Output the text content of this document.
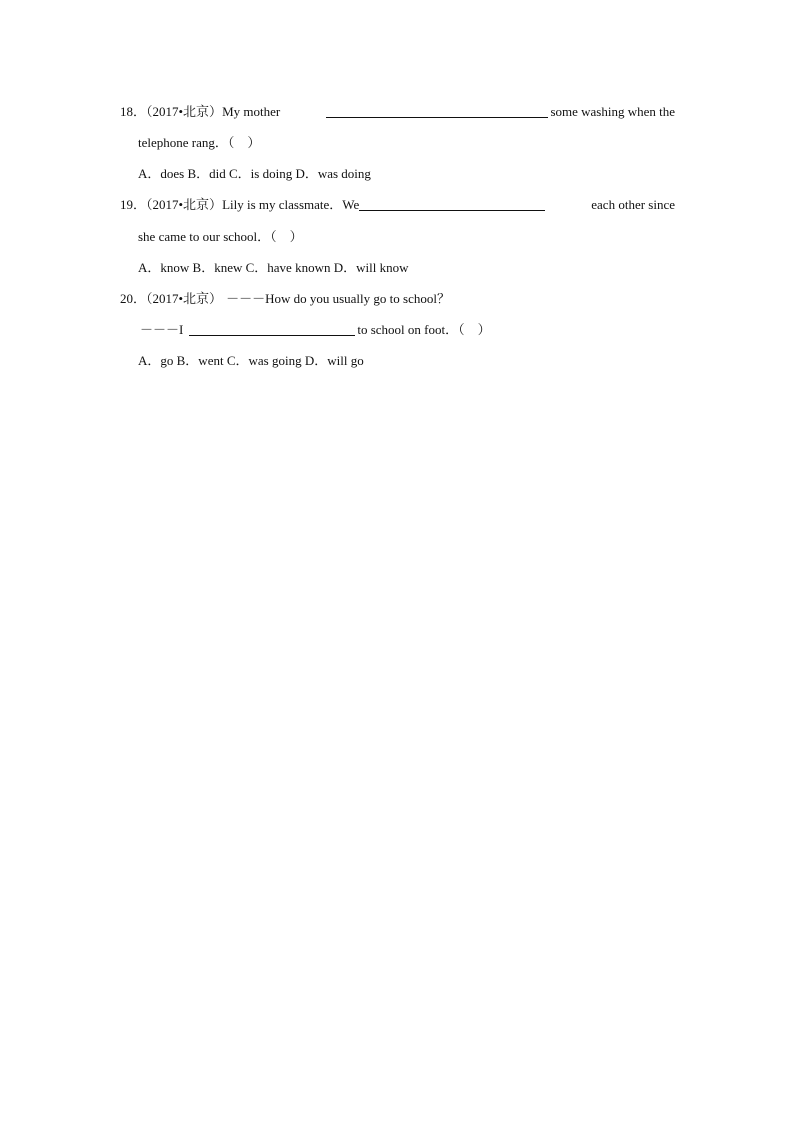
18 ．（2017•北京） My mother	some washing when the
telephone rang．（　）
A．does B．did C．is doing D．was doing
19 ．（2017•北京） Lily is my classmate．We	each other since
she came to our school．（　）
A．know B．knew C．have known D．will know
20 ．（2017•北京） －－－How do you usually go to school？
－－－I	to school on foot．（　）
A．go B．went C．was going D．will go
